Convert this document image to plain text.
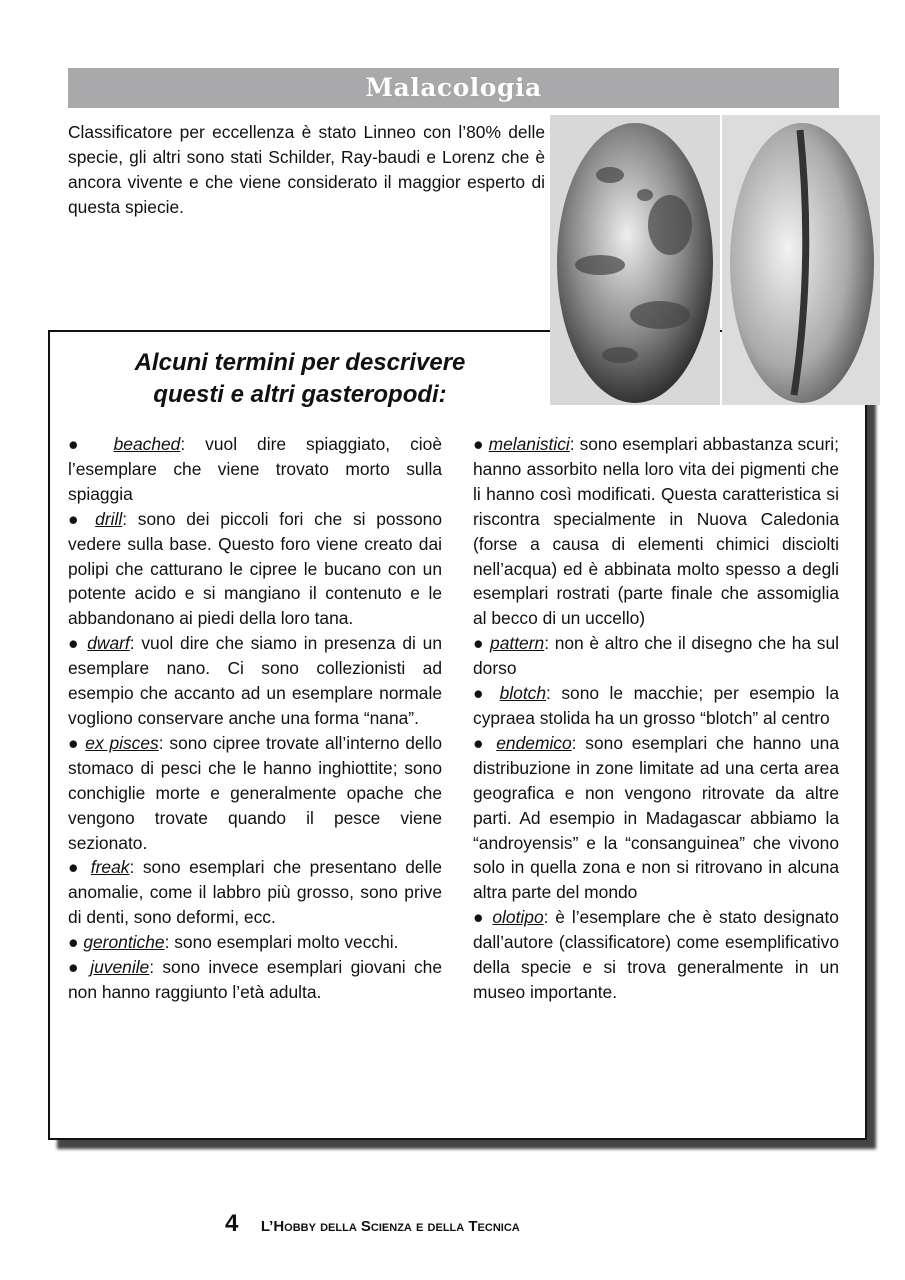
Malacologia
Classificatore per eccellenza è stato Linneo con l’80% delle specie, gli altri sono stati Schilder, Ray-baudi e Lorenz che è ancora vivente e che viene considerato il maggior esperto di questa spiecie.
Alcuni termini per descrivere
questi e altri gasteropodi:
● beached: vuol dire spiaggiato, cioè l’esemplare che viene trovato morto sulla spiaggia
● drill: sono dei piccoli fori che si possono vedere sulla base. Questo foro viene creato dai polipi che catturano le cipree le bucano con un potente acido e si mangiano il contenuto e le abbandonano ai piedi della loro tana.
● dwarf: vuol dire che siamo in presenza di un esemplare nano. Ci sono collezionisti ad esempio che accanto ad un esemplare normale vogliono conservare anche una forma “nana”.
● ex pisces: sono cipree trovate all’interno dello stomaco di pesci che le hanno inghiottite; sono conchiglie morte e generalmente opache che vengono trovate quando il pesce viene sezionato.
● freak: sono esemplari che presentano delle anomalie, come il labbro più grosso, sono prive di denti, sono deformi, ecc.
● gerontiche: sono esemplari molto vecchi.
● juvenile: sono invece esemplari giovani che non hanno raggiunto l’età adulta.
● melanistici: sono esemplari abbastanza scuri; hanno assorbito nella loro vita dei pigmenti che li hanno così modificati. Questa caratteristica si riscontra specialmente in Nuova Caledonia (forse a causa di elementi chimici disciolti nell’acqua) ed è abbinata molto spesso a degli esemplari rostrati (parte finale che assomiglia al becco di un uccello)
● pattern: non è altro che il disegno che ha sul dorso
● blotch: sono le macchie; per esempio la cypraea stolida ha un grosso “blotch” al centro
● endemico: sono esemplari che hanno una distribuzione in zone limitate ad una certa area geografica e non vengono ritrovate da altre parti. Ad esempio in Madagascar abbiamo la “androyensis” e la “consanguinea” che vivono solo in quella zona e non si ritrovano in alcuna altra parte del mondo
● olotipo: è l’esemplare che è stato designato dall’autore (classificatore) come esemplificativo della specie e si trova generalmente in un museo importante.
4 L’Hobby della Scienza e della Tecnica
